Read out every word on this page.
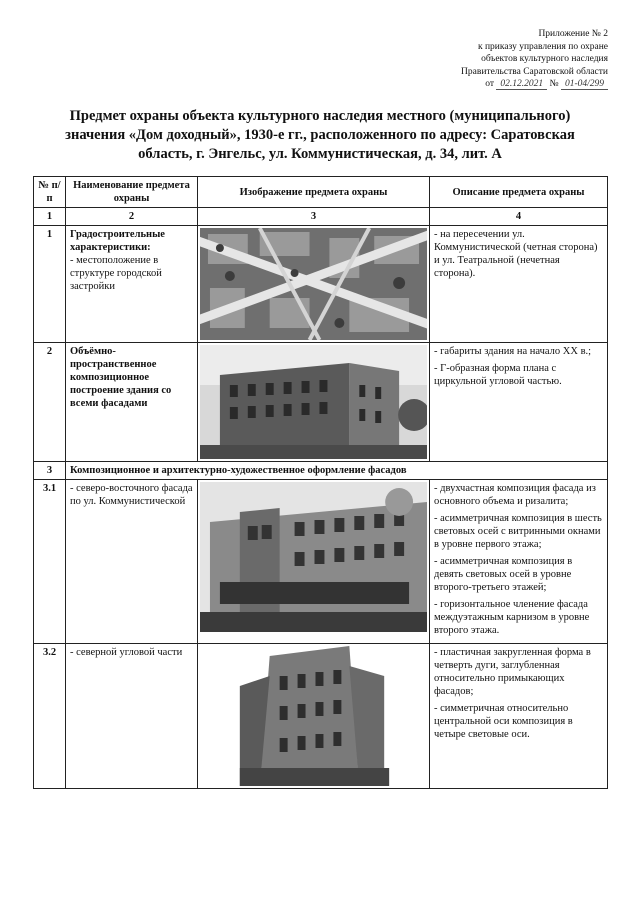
Приложение № 2
к приказу управления по охране
объектов культурного наследия
Правительства Саратовской области
от 02.12.2021 № 01-04/299
Предмет охраны объекта культурного наследия местного (муниципального)
значения «Дом доходный», 1930-е гг., расположенного по адресу: Саратовская
область, г. Энгельс, ул. Коммунистическая, д. 34, лит. А
№ п/п	Наименование предмета охраны	Изображение предмета охраны	Описание предмета охраны
1	2	3	4
1	Градостроительные характеристики:
- местоположение в структуре городской застройки		- на пересечении ул. Коммунистической (четная сторона) и ул. Театральной (нечетная сторона).

2	Объёмно-пространственное композиционное построение здания со всеми фасадами		- габариты здания на начало XX в.;
- Г-образная форма плана с циркульной угловой частью.

3	Композиционное и архитектурно-художественное оформление фасадов		
3.1	- северо-восточного фасада по ул. Коммунистической		- двухчастная композиция фасада из основного объема и ризалита;
- асимметричная композиция в шесть световых осей с витринными окнами в уровне первого этажа;
- асимметричная композиция в девять световых осей в уровне второго-третьего этажей;
- горизонтальное членение фасада междуэтажным карнизом в уровне второго этажа.

3.2	- северной угловой части		- пластичная закругленная форма в четверть дуги, заглубленная относительно примыкающих фасадов;
- симметричная относительно центральной оси композиция в четыре световые оси.
